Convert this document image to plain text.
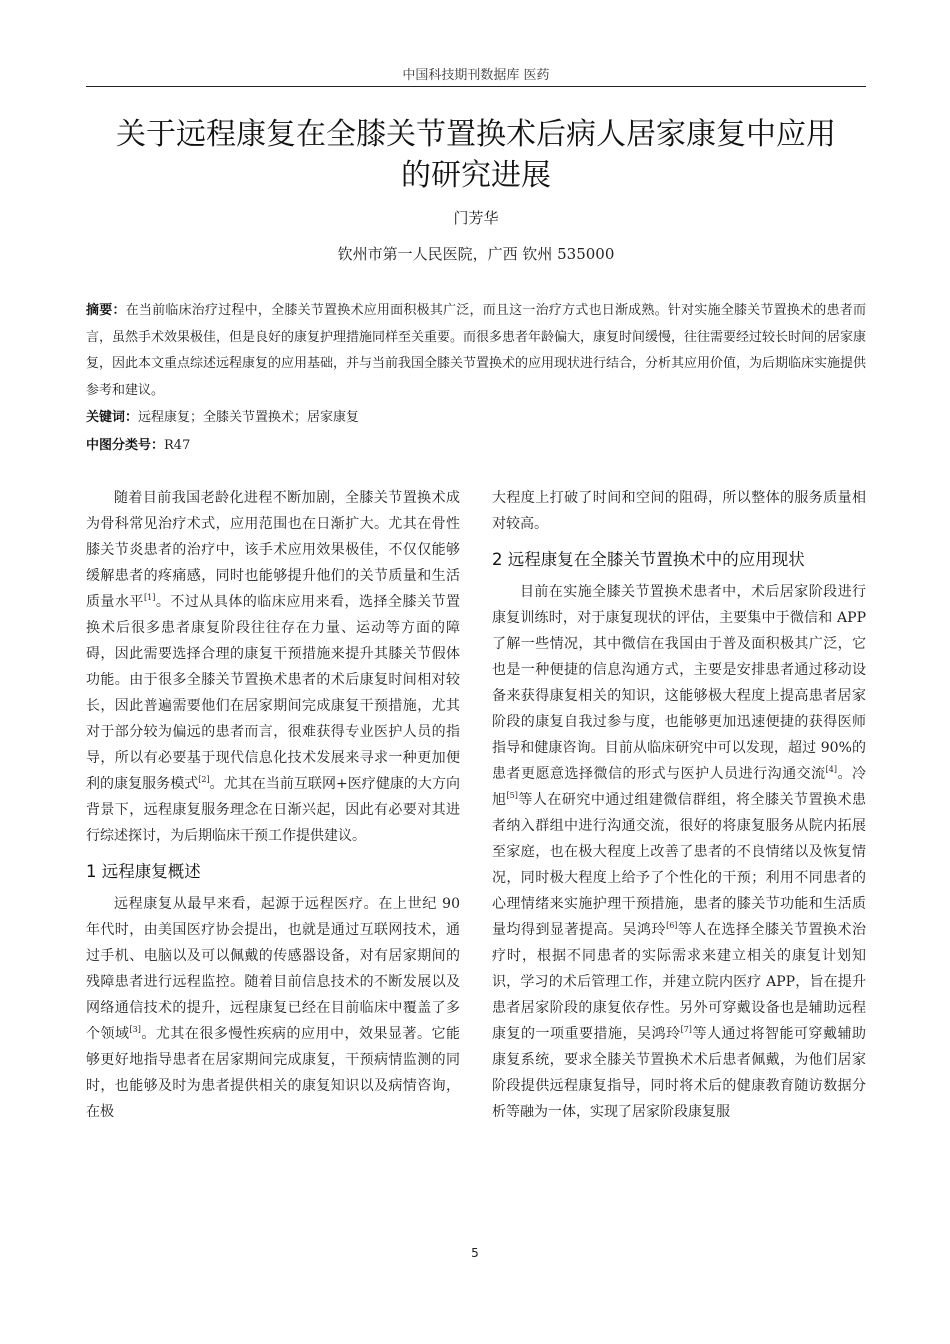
中国科技期刊数据库 医药
关于远程康复在全膝关节置换术后病人居家康复中应用
的研究进展
门芳华
钦州市第一人民医院，广西 钦州 535000
摘要：在当前临床治疗过程中，全膝关节置换术应用面积极其广泛，而且这一治疗方式也日渐成熟。针对实施全膝关节置换术的患者而言，虽然手术效果极佳，但是良好的康复护理措施同样至关重要。而很多患者年龄偏大，康复时间缓慢，往往需要经过较长时间的居家康复，因此本文重点综述远程康复的应用基础，并与当前我国全膝关节置换术的应用现状进行结合，分析其应用价值，为后期临床实施提供参考和建议。
关键词：远程康复；全膝关节置换术；居家康复
中图分类号：R47

随着目前我国老龄化进程不断加剧，全膝关节置换术成为骨科常见治疗术式，应用范围也在日渐扩大。尤其在骨性膝关节炎患者的治疗中，该手术应用效果极佳，不仅仅能够缓解患者的疼痛感，同时也能够提升他们的关节质量和生活质量水平[1]。不过从具体的临床应用来看，选择全膝关节置换术后很多患者康复阶段往往存在力量、运动等方面的障碍，因此需要选择合理的康复干预措施来提升其膝关节假体功能。由于很多全膝关节置换术患者的术后康复时间相对较长，因此普遍需要他们在居家期间完成康复干预措施，尤其对于部分较为偏远的患者而言，很难获得专业医护人员的指导，所以有必要基于现代信息化技术发展来寻求一种更加便利的康复服务模式[2]。尤其在当前互联网+医疗健康的大方向背景下，远程康复服务理念在日渐兴起，因此有必要对其进行综述探讨，为后期临床干预工作提供建议。

1 远程康复概述

远程康复从最早来看，起源于远程医疗。在上世纪 90 年代时，由美国医疗协会提出，也就是通过互联网技术，通过手机、电脑以及可以佩戴的传感器设备，对有居家期间的残障患者进行远程监控。随着目前信息技术的不断发展以及网络通信技术的提升，远程康复已经在目前临床中覆盖了多个领域[3]。尤其在很多慢性疾病的应用中，效果显著。它能够更好地指导患者在居家期间完成康复，干预病情监测的同时，也能够及时为患者提供相关的康复知识以及病情咨询，在极

大程度上打破了时间和空间的阻碍，所以整体的服务质量相对较高。

2 远程康复在全膝关节置换术中的应用现状

目前在实施全膝关节置换术患者中，术后居家阶段进行康复训练时，对于康复现状的评估，主要集中于微信和 APP 了解一些情况，其中微信在我国由于普及面积极其广泛，它也是一种便捷的信息沟通方式，主要是安排患者通过移动设备来获得康复相关的知识，这能够极大程度上提高患者居家阶段的康复自我过参与度，也能够更加迅速便捷的获得医师指导和健康咨询。目前从临床研究中可以发现，超过 90%的患者更愿意选择微信的形式与医护人员进行沟通交流[4]。冷旭[5]等人在研究中通过组建微信群组，将全膝关节置换术患者纳入群组中进行沟通交流，很好的将康复服务从院内拓展至家庭，也在极大程度上改善了患者的不良情绪以及恢复情况，同时极大程度上给予了个性化的干预；利用不同患者的心理情绪来实施护理干预措施，患者的膝关节功能和生活质量均得到显著提高。吴鸿玲[6]等人在选择全膝关节置换术治疗时，根据不同患者的实际需求来建立相关的康复计划知识，学习的术后管理工作，并建立院内医疗 APP，旨在提升患者居家阶段的康复依存性。另外可穿戴设备也是辅助远程康复的一项重要措施，吴鸿玲[7]等人通过将智能可穿戴辅助康复系统，要求全膝关节置换术术后患者佩戴，为他们居家阶段提供远程康复指导，同时将术后的健康教育随访数据分析等融为一体，实现了居家阶段康复服

5
